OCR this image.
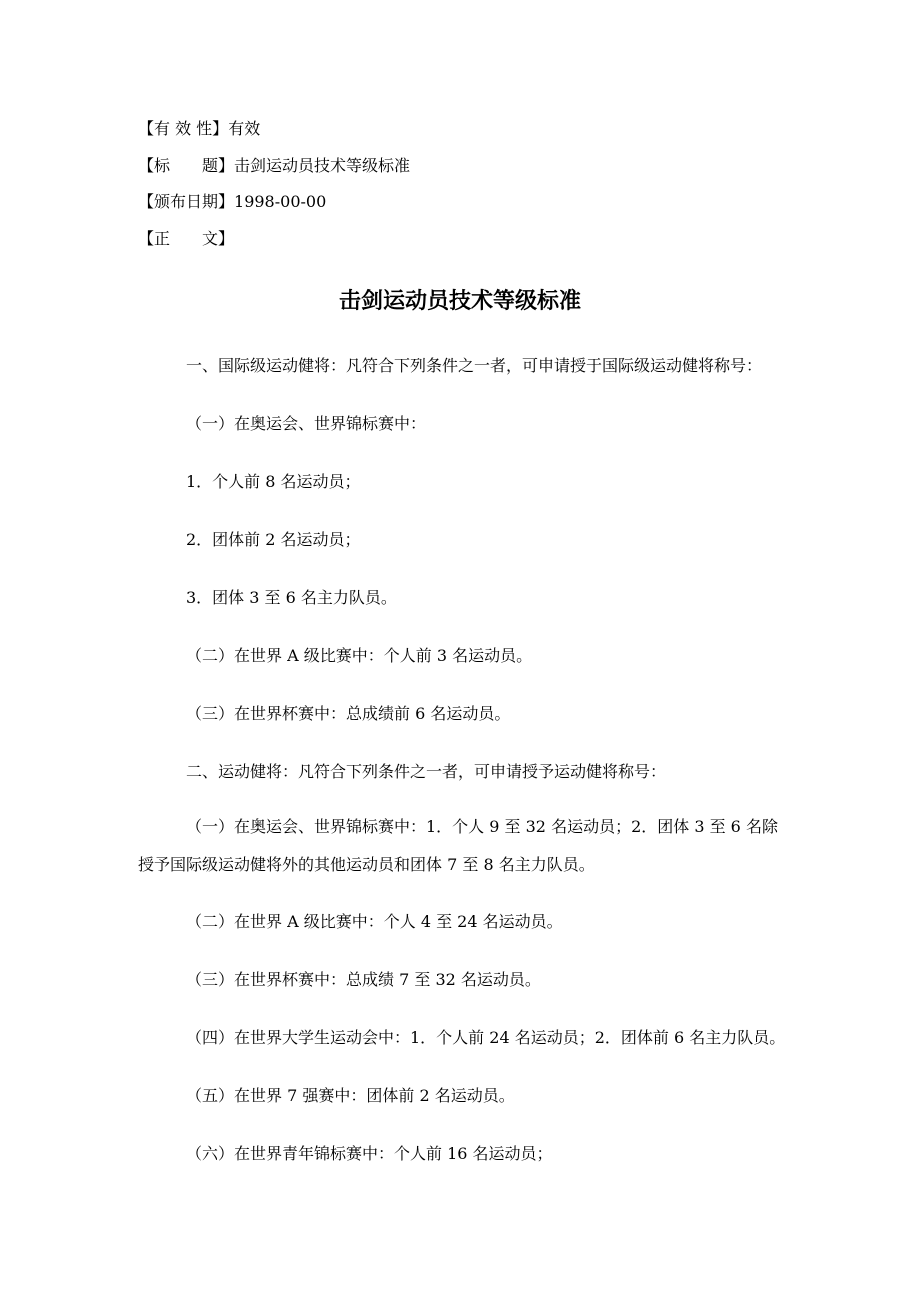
【有 效 性】有效
【标　　题】击剑运动员技术等级标准
【颁布日期】1998-00-00
【正　　文】
击剑运动员技术等级标准
一、国际级运动健将：凡符合下列条件之一者，可申请授于国际级运动健将称号：
（一）在奥运会、世界锦标赛中：
1．个人前 8 名运动员；
2．团体前 2 名运动员；
3．团体 3 至 6 名主力队员。
（二）在世界 A 级比赛中：个人前 3 名运动员。
（三）在世界杯赛中：总成绩前 6 名运动员。
二、运动健将：凡符合下列条件之一者，可申请授予运动健将称号：
（一）在奥运会、世界锦标赛中：1．个人 9 至 32 名运动员；2．团体 3 至 6 名除授予国际级运动健将外的其他运动员和团体 7 至 8 名主力队员。
（二）在世界 A 级比赛中：个人 4 至 24 名运动员。
（三）在世界杯赛中：总成绩 7 至 32 名运动员。
（四）在世界大学生运动会中：1．个人前 24 名运动员；2．团体前 6 名主力队员。
（五）在世界 7 强赛中：团体前 2 名运动员。
（六）在世界青年锦标赛中：个人前 16 名运动员；
